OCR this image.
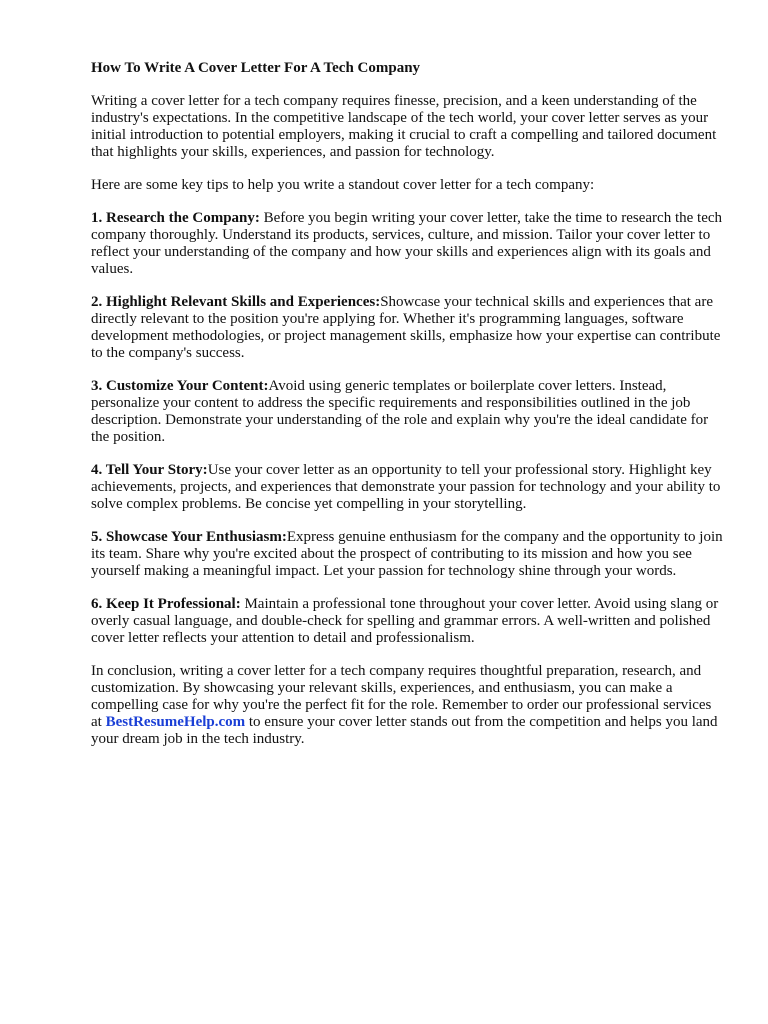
How To Write A Cover Letter For A Tech Company

Writing a cover letter for a tech company requires finesse, precision, and a keen understanding of the industry's expectations. In the competitive landscape of the tech world, your cover letter serves as your initial introduction to potential employers, making it crucial to craft a compelling and tailored document that highlights your skills, experiences, and passion for technology.

Here are some key tips to help you write a standout cover letter for a tech company:

1. Research the Company: Before you begin writing your cover letter, take the time to research the tech company thoroughly. Understand its products, services, culture, and mission. Tailor your cover letter to reflect your understanding of the company and how your skills and experiences align with its goals and values.

2. Highlight Relevant Skills and Experiences:Showcase your technical skills and experiences that are directly relevant to the position you're applying for. Whether it's programming languages, software development methodologies, or project management skills, emphasize how your expertise can contribute to the company's success.

3. Customize Your Content:Avoid using generic templates or boilerplate cover letters. Instead, personalize your content to address the specific requirements and responsibilities outlined in the job description. Demonstrate your understanding of the role and explain why you're the ideal candidate for the position.

4. Tell Your Story:Use your cover letter as an opportunity to tell your professional story. Highlight key achievements, projects, and experiences that demonstrate your passion for technology and your ability to solve complex problems. Be concise yet compelling in your storytelling.

5. Showcase Your Enthusiasm:Express genuine enthusiasm for the company and the opportunity to join its team. Share why you're excited about the prospect of contributing to its mission and how you see yourself making a meaningful impact. Let your passion for technology shine through your words.

6. Keep It Professional: Maintain a professional tone throughout your cover letter. Avoid using slang or overly casual language, and double-check for spelling and grammar errors. A well-written and polished cover letter reflects your attention to detail and professionalism.

In conclusion, writing a cover letter for a tech company requires thoughtful preparation, research, and customization. By showcasing your relevant skills, experiences, and enthusiasm, you can make a compelling case for why you're the perfect fit for the role. Remember to order our professional services at BestResumeHelp.com to ensure your cover letter stands out from the competition and helps you land your dream job in the tech industry.
